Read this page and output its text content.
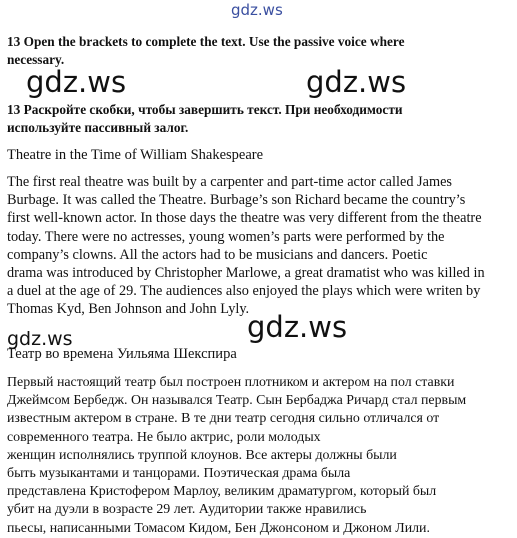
gdz.ws
13 Open the brackets to complete the text. Use the passive voice where
necessary.
gdz.ws	gdz.ws
13 Раскройте скобки, чтобы завершить текст. При необходимости
используйте пассивный залог.
Theatre in the Time of William Shakespeare
The first real theatre was built by a carpenter and part-time actor called James
Burbage. It was called the Theatre. Burbage’s son Richard became the country’s
first well-known actor. In those days the theatre was very different from the theatre
today. There were no actresses, young women’s parts were performed by the
company’s clowns. All the actors had to be musicians and dancers. Poetic
drama was introduced by Christopher Marlowe, a great dramatist who was killed in
a duel at the age of 29. The audiences also enjoyed the plays which were writen by
Thomas Kyd, Ben Johnson and John Lyly.
gdz.ws
gdz.ws
Театр во времена Уильяма Шекспира
Первый настоящий театр был построен плотником и актером на пол ставки
Джеймсом Бербедж. Он назывался Театр. Сын Бербаджа Ричард стал первым
известным актером в стране. В те дни театр сегодня сильно отличался от
современного театра. Не было актрис, роли молодых
женщин исполнялись труппой клоунов. Все актеры должны были
быть музыкантами и танцорами. Поэтическая драма была
представлена Кристофером Марлоу, великим драматургом, который был
убит на дуэли в возрасте 29 лет. Аудитории также нравились
пьесы, написанными Томасом Кидом, Бен Джонсоном и Джоном Лили.
